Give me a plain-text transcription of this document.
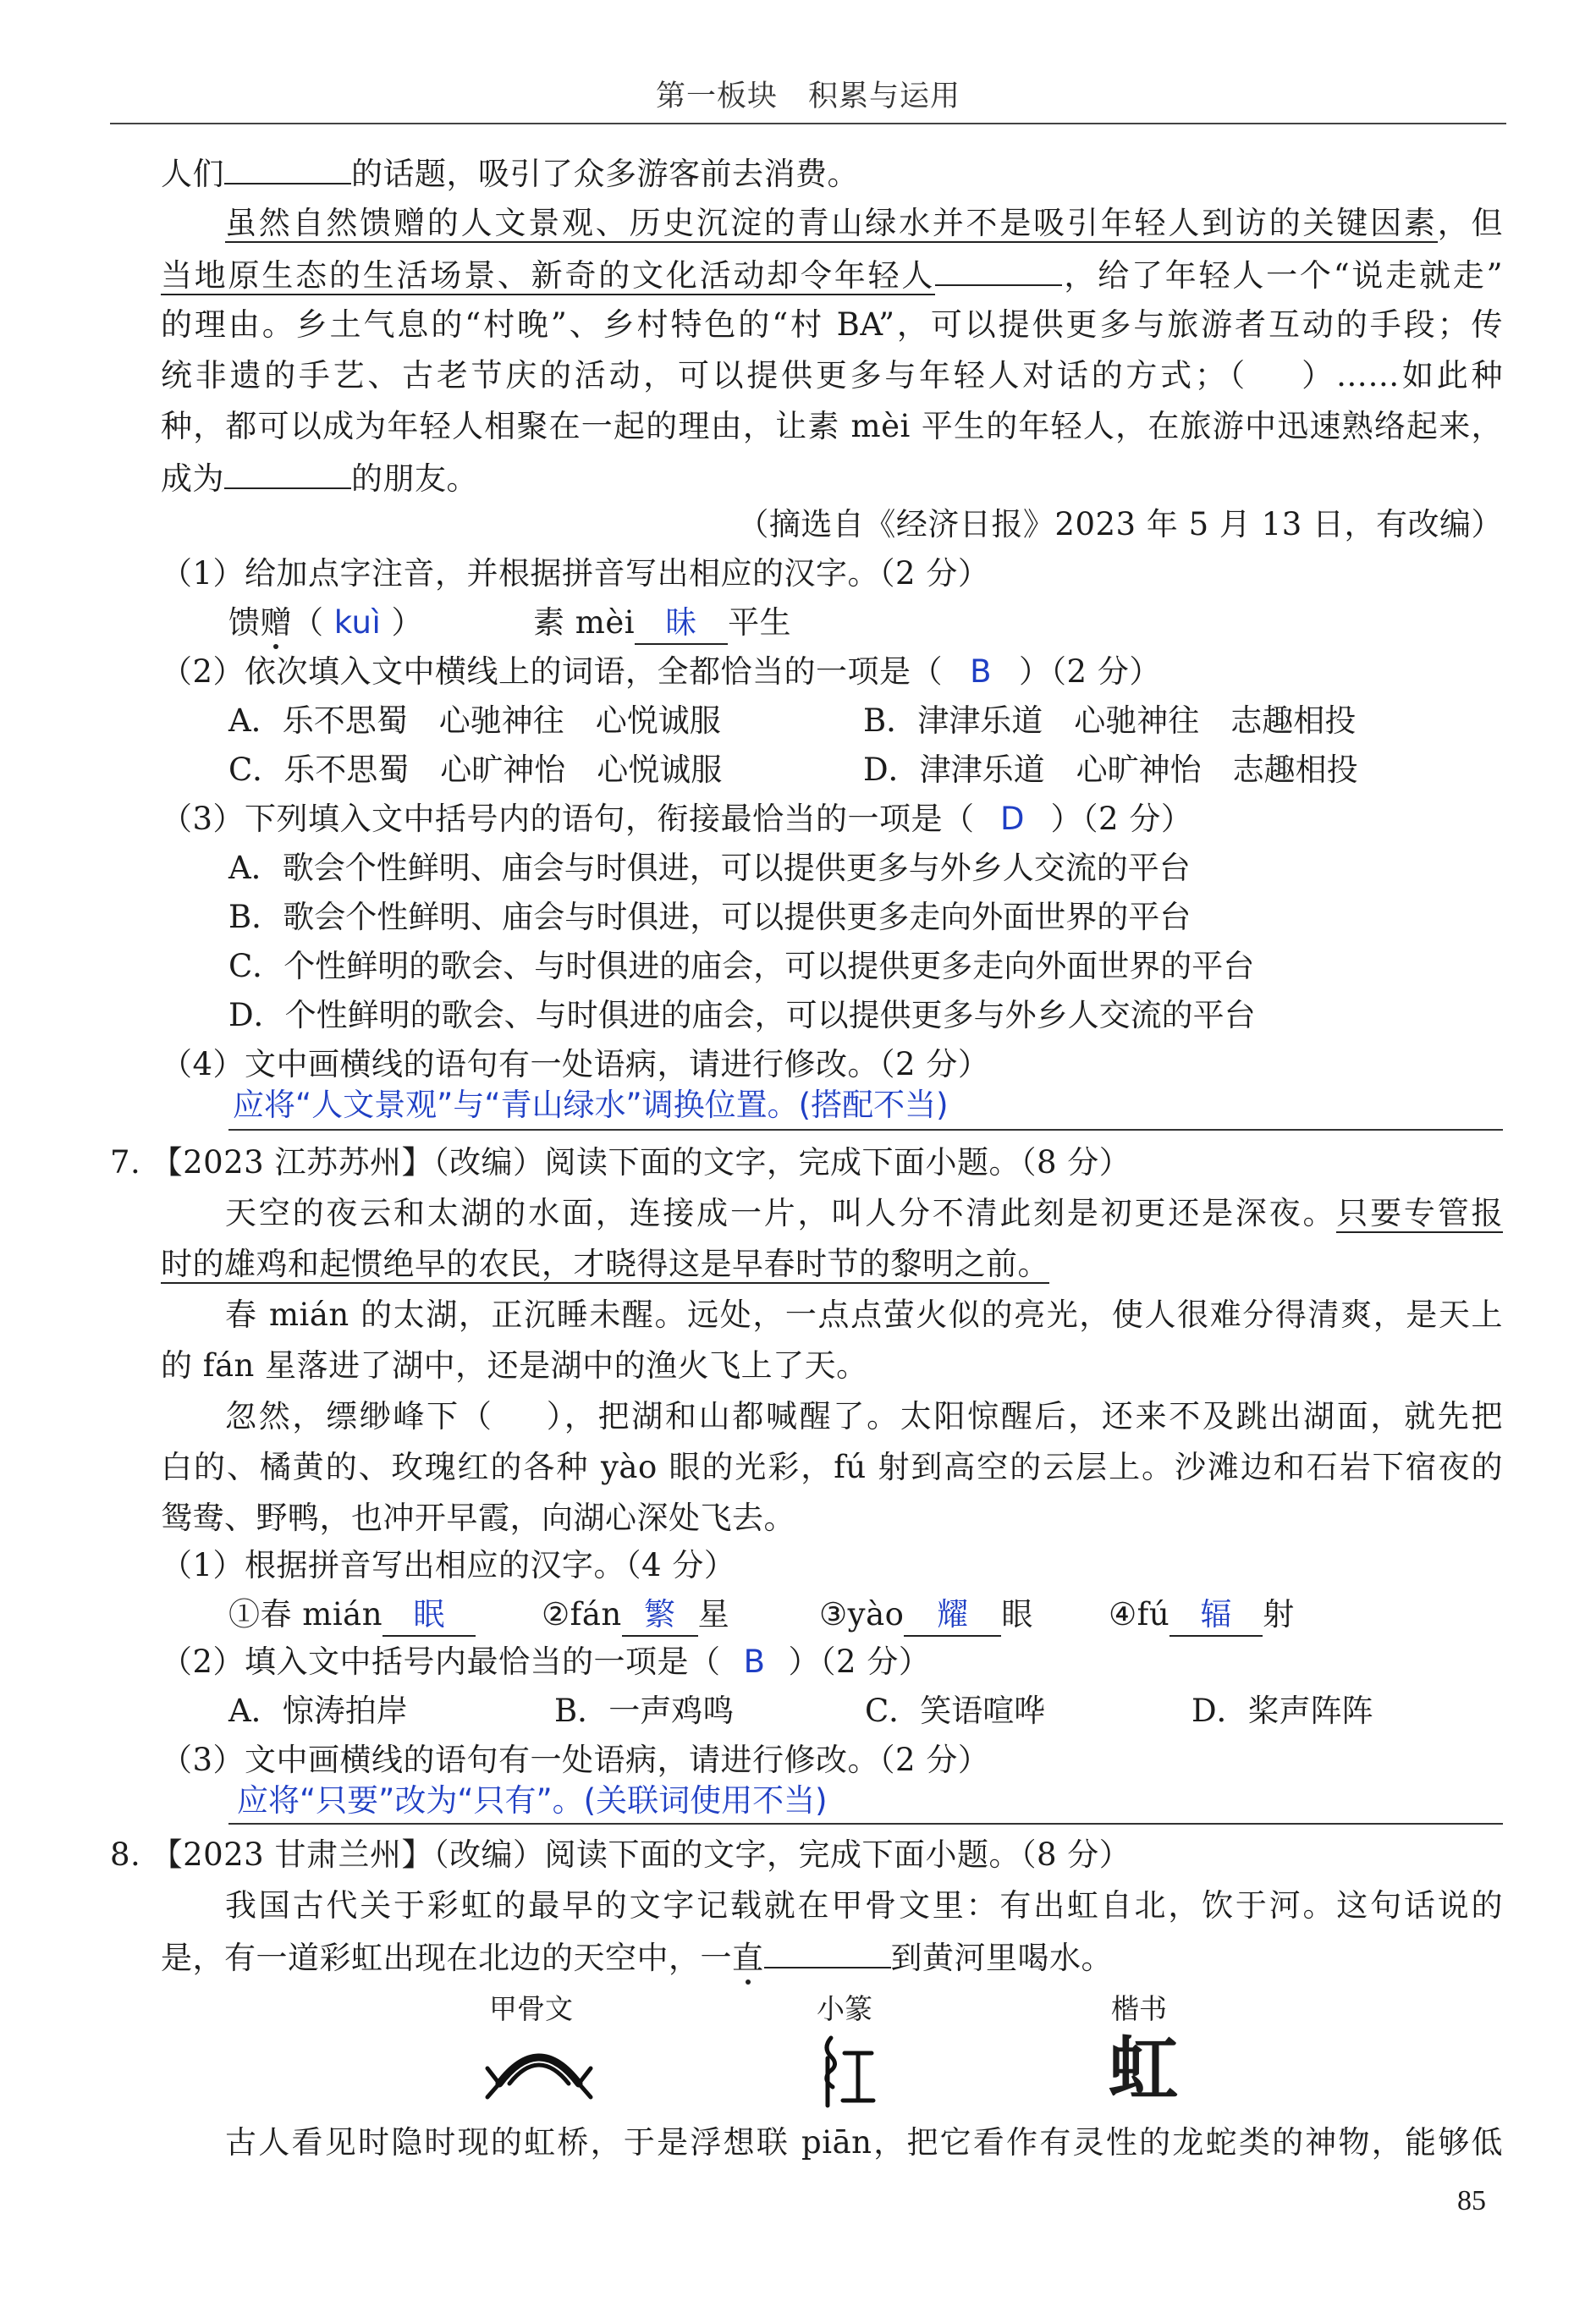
第一板块　积累与运用
人们	的话题，吸引了众多游客前去消费。
虽然自然馈赠的人文景观、历史沉淀的青山绿水并不是吸引年轻人到访的关键因素，但
当地原生态的生活场景、新奇的文化活动却令年轻人	，给了年轻人一个“说走就走”
的理由。乡土气息的“村晚”、乡村特色的“村 BA”，可以提供更多与旅游者互动的手段；传
统非遗的手艺、古老节庆的活动，可以提供更多与年轻人对话的方式；（ ）……如此种
种，都可以成为年轻人相聚在一起的理由，让素 mèi 平生的年轻人，在旅游中迅速熟络起来，
成为	的朋友。
（摘选自《经济日报》2023 年 5 月 13 日，有改编）
（1）给加点字注音，并根据拼音写出相应的汉字。（2 分）
馈赠（ kuì ）	素 mèi 昧 平生
（2）依次填入文中横线上的词语，全都恰当的一项是（ B ）（2 分）
A．乐不思蜀　心驰神往　心悦诚服	B．津津乐道　心驰神往　志趣相投
C．乐不思蜀　心旷神怡　心悦诚服	D．津津乐道　心旷神怡　志趣相投
（3）下列填入文中括号内的语句，衔接最恰当的一项是（ D ）（2 分）
A．歌会个性鲜明、庙会与时俱进，可以提供更多与外乡人交流的平台
B．歌会个性鲜明、庙会与时俱进，可以提供更多走向外面世界的平台
C．个性鲜明的歌会、与时俱进的庙会，可以提供更多走向外面世界的平台
D．个性鲜明的歌会、与时俱进的庙会，可以提供更多与外乡人交流的平台
（4）文中画横线的语句有一处语病，请进行修改。（2 分）
应将“人文景观”与“青山绿水”调换位置。(搭配不当)
7. 【2023 江苏苏州】（改编）阅读下面的文字，完成下面小题。（8 分）
天空的夜云和太湖的水面，连接成一片，叫人分不清此刻是初更还是深夜。只要专管报
时的雄鸡和起惯绝早的农民，才晓得这是早春时节的黎明之前。
春 mián 的太湖，正沉睡未醒。远处，一点点萤火似的亮光，使人很难分得清爽，是天上
的 fán 星落进了湖中，还是湖中的渔火飞上了天。
忽然，缥缈峰下（ ），把湖和山都喊醒了。太阳惊醒后，还来不及跳出湖面，就先把
白的、橘黄的、玫瑰红的各种 yào 眼的光彩，fú 射到高空的云层上。沙滩边和石岩下宿夜的
鸳鸯、野鸭，也冲开早霞，向湖心深处飞去。
（1）根据拼音写出相应的汉字。（4 分）
①春 mián 眠	②fán 繁 星	③yào 耀 眼 ④fú 辐 射
（2）填入文中括号内最恰当的一项是（ B ）（2 分）
A．惊涛拍岸	B．一声鸡鸣	C．笑语喧哗	D．桨声阵阵
（3）文中画横线的语句有一处语病，请进行修改。（2 分）
应将“只要”改为“只有”。(关联词使用不当)
8. 【2023 甘肃兰州】（改编）阅读下面的文字，完成下面小题。（8 分）
我国古代关于彩虹的最早的文字记载就在甲骨文里：有出虹自北，饮于河。这句话说的
是，有一道彩虹出现在北边的天空中，一直	到黄河里喝水。
甲骨文	小篆	楷书
虹
古人看见时隐时现的虹桥，于是浮想联 piān，把它看作有灵性的龙蛇类的神物，能够低
85
